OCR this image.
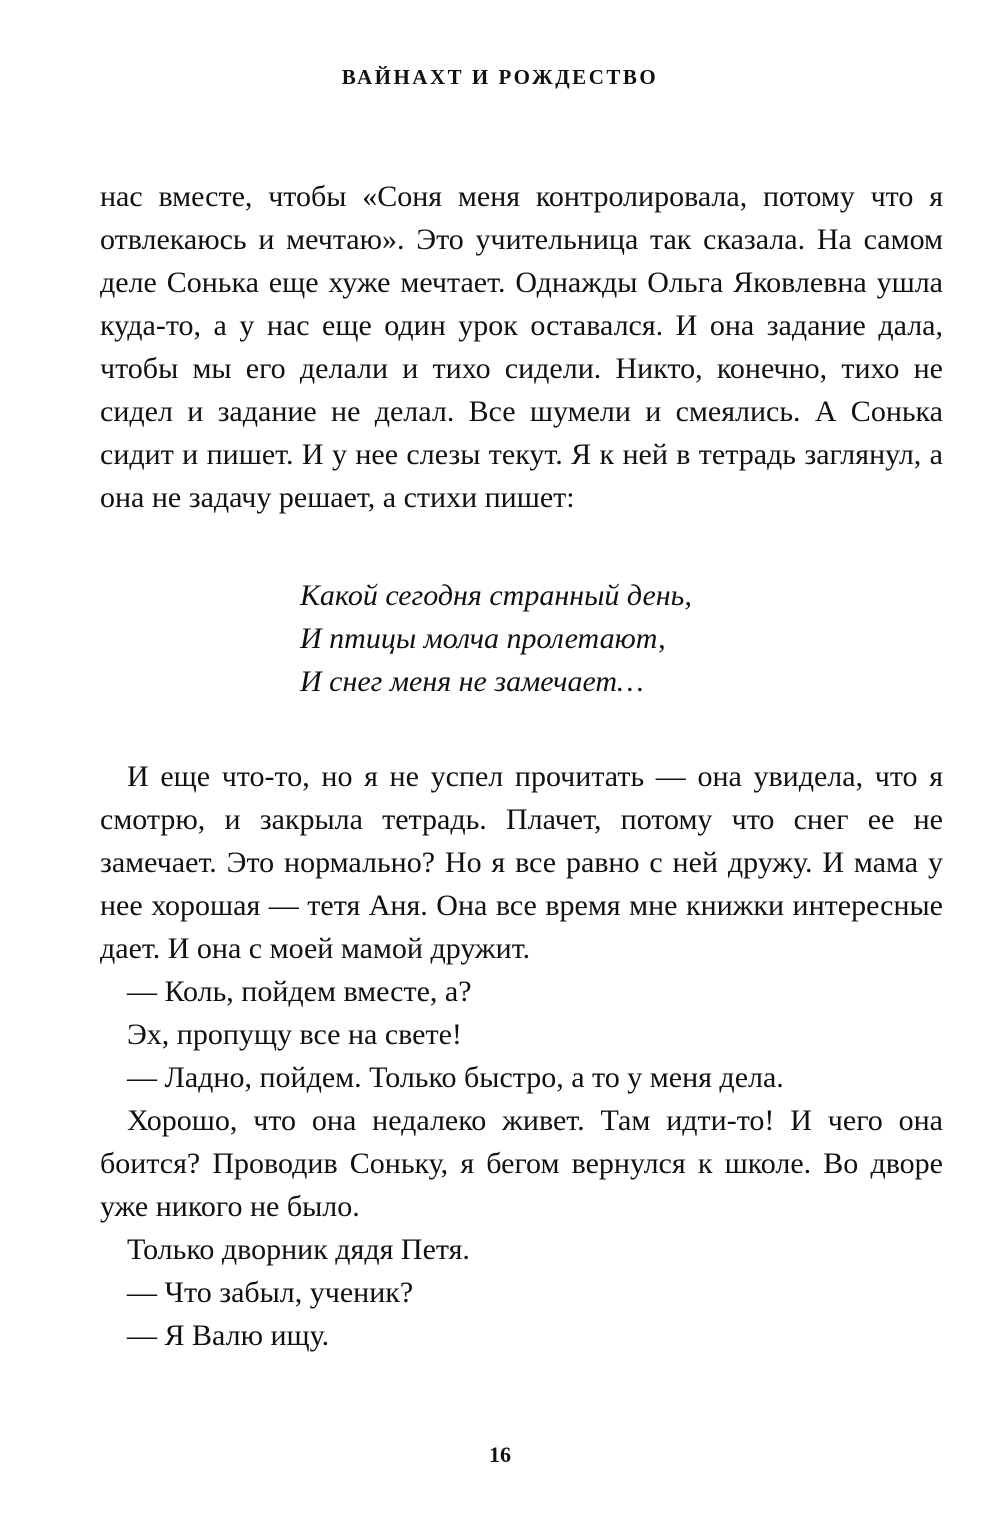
ВАЙНАХТ И РОЖДЕСТВО

нас вместе, чтобы «Соня меня контролировала, потому что я отвлекаюсь и мечтаю». Это учительница так сказала. На самом деле Сонька еще хуже мечтает. Однажды Ольга Яковлевна ушла куда-то, а у нас еще один урок оставался. И она задание дала, чтобы мы его делали и тихо сидели. Никто, конечно, тихо не сидел и задание не делал. Все шумели и смеялись. А Сонька сидит и пишет. И у нее слезы текут. Я к ней в тетрадь заглянул, а она не задачу решает, а стихи пишет:

Какой сегодня странный день,
И птицы молча пролетают,
И снег меня не замечает…

И еще что-то, но я не успел прочитать — она увидела, что я смотрю, и закрыла тетрадь. Плачет, потому что снег ее не замечает. Это нормально? Но я все равно с ней дружу. И мама у нее хорошая — тетя Аня. Она все время мне книжки интересные дает. И она с моей мамой дружит.

— Коль, пойдем вместе, а?

Эх, пропущу все на свете!

— Ладно, пойдем. Только быстро, а то у меня дела.

Хорошо, что она недалеко живет. Там идти-то! И чего она боится? Проводив Соньку, я бегом вернулся к школе. Во дворе уже никого не было.

Только дворник дядя Петя.

— Что забыл, ученик?

— Я Валю ищу.

16
